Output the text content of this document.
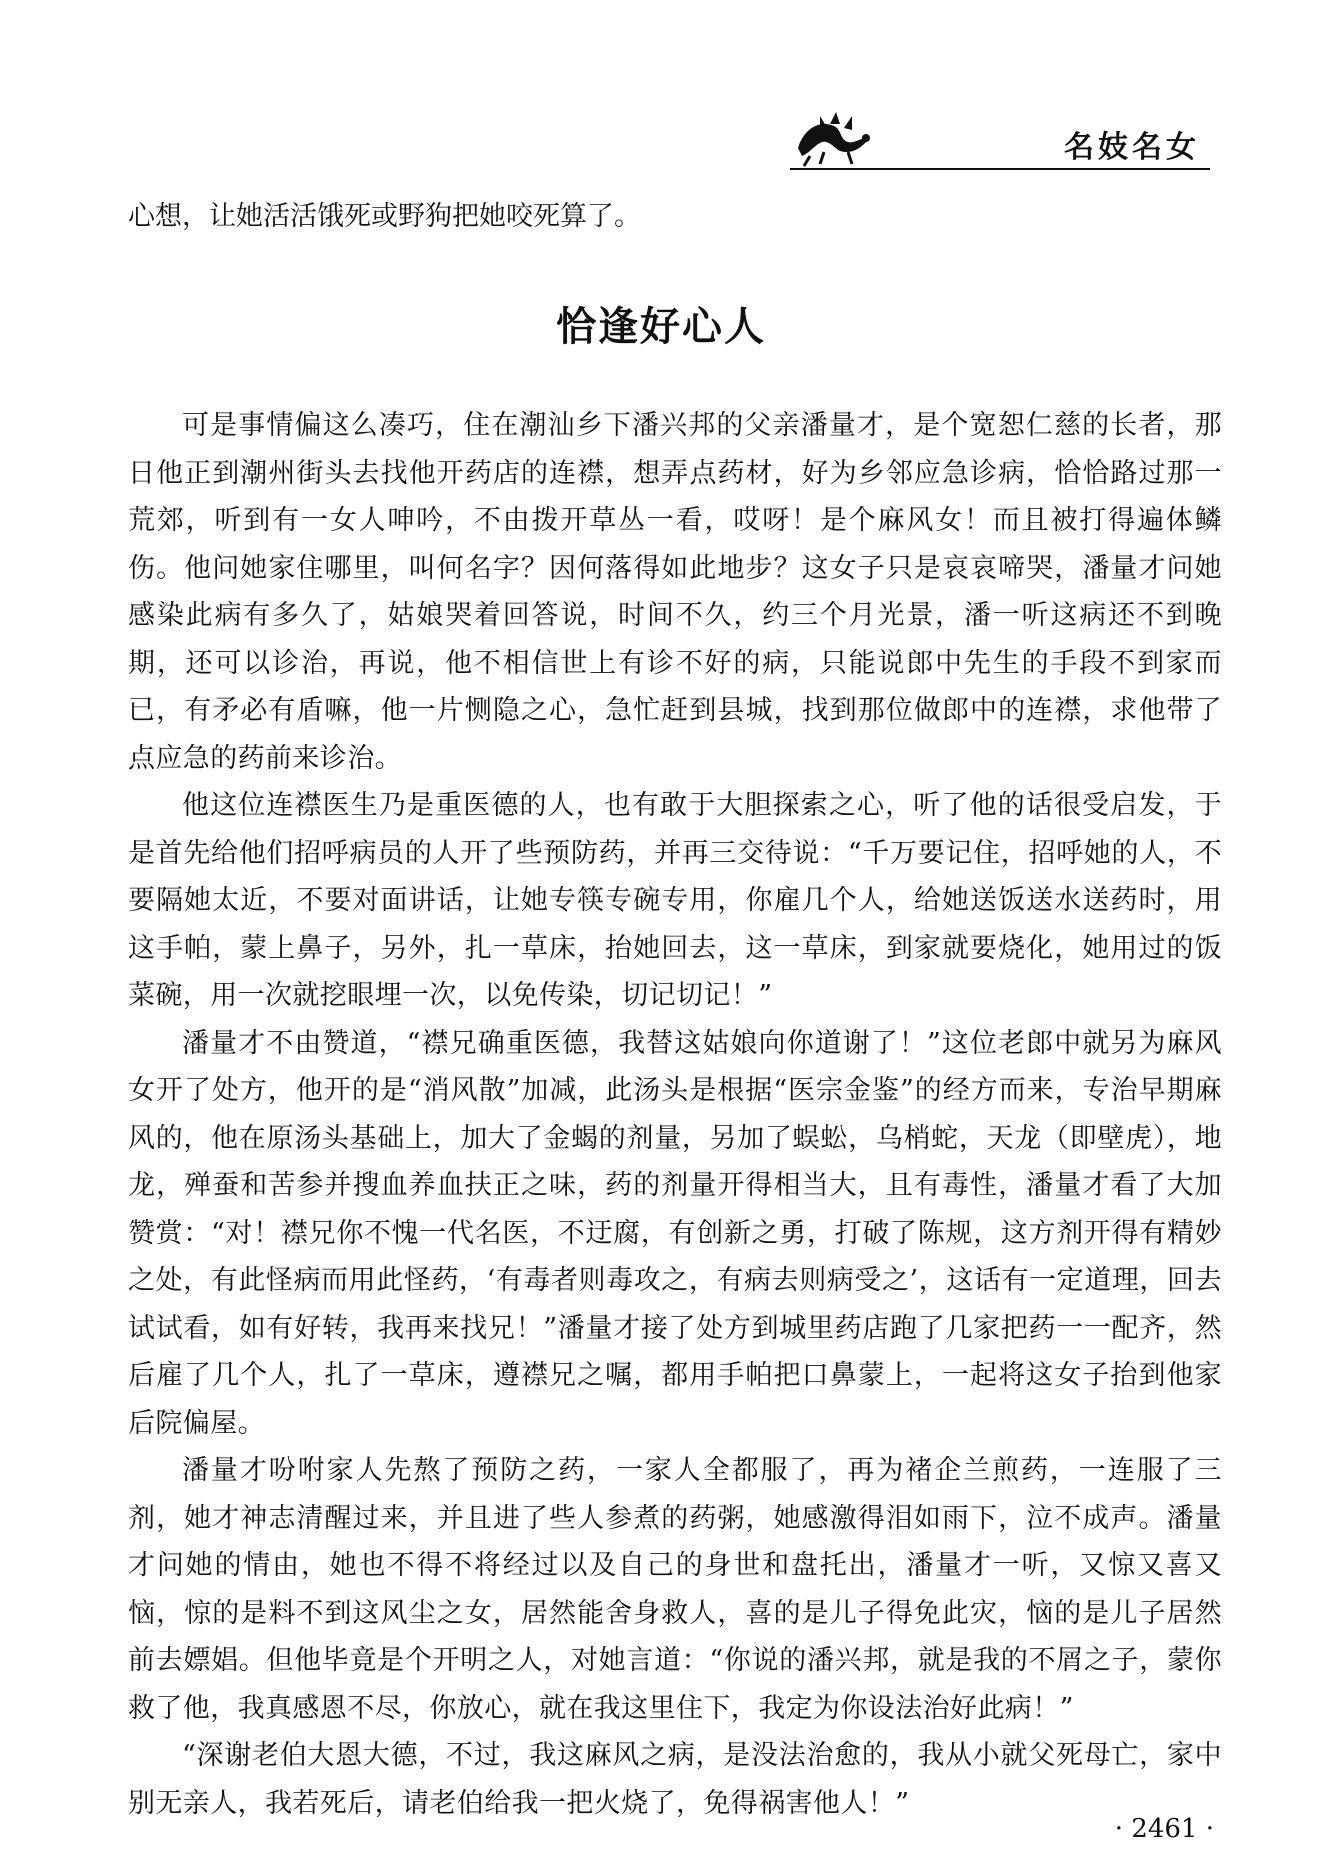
名妓名女

心想，让她活活饿死或野狗把她咬死算了。

恰逢好心人

可是事情偏这么凑巧，住在潮汕乡下潘兴邦的父亲潘量才，是个宽恕仁慈的长者，那日他正到潮州街头去找他开药店的连襟，想弄点药材，好为乡邻应急诊病，恰恰路过那一荒郊，听到有一女人呻吟，不由拨开草丛一看，哎呀！是个麻风女！而且被打得遍体鳞伤。他问她家住哪里，叫何名字？因何落得如此地步？这女子只是哀哀啼哭，潘量才问她感染此病有多久了，姑娘哭着回答说，时间不久，约三个月光景，潘一听这病还不到晚期，还可以诊治，再说，他不相信世上有诊不好的病，只能说郎中先生的手段不到家而已，有矛必有盾嘛，他一片恻隐之心，急忙赶到县城，找到那位做郎中的连襟，求他带了点应急的药前来诊治。

他这位连襟医生乃是重医德的人，也有敢于大胆探索之心，听了他的话很受启发，于是首先给他们招呼病员的人开了些预防药，并再三交待说：“千万要记住，招呼她的人，不要隔她太近，不要对面讲话，让她专筷专碗专用，你雇几个人，给她送饭送水送药时，用这手帕，蒙上鼻子，另外，扎一草床，抬她回去，这一草床，到家就要烧化，她用过的饭菜碗，用一次就挖眼埋一次，以免传染，切记切记！”

潘量才不由赞道，“襟兄确重医德，我替这姑娘向你道谢了！”这位老郎中就另为麻风女开了处方，他开的是“消风散”加减，此汤头是根据“医宗金鉴”的经方而来，专治早期麻风的，他在原汤头基础上，加大了金蝎的剂量，另加了蜈蚣，乌梢蛇，天龙（即壁虎），地龙，殚蚕和苦参并搜血养血扶正之味，药的剂量开得相当大，且有毒性，潘量才看了大加赞赏：“对！襟兄你不愧一代名医，不迂腐，有创新之勇，打破了陈规，这方剂开得有精妙之处，有此怪病而用此怪药，‘有毒者则毒攻之，有病去则病受之’，这话有一定道理，回去试试看，如有好转，我再来找兄！”潘量才接了处方到城里药店跑了几家把药一一配齐，然后雇了几个人，扎了一草床，遵襟兄之嘱，都用手帕把口鼻蒙上，一起将这女子抬到他家后院偏屋。

潘量才吩咐家人先熬了预防之药，一家人全都服了，再为褚企兰煎药，一连服了三剂，她才神志清醒过来，并且进了些人参煮的药粥，她感激得泪如雨下，泣不成声。潘量才问她的情由，她也不得不将经过以及自己的身世和盘托出，潘量才一听，又惊又喜又恼，惊的是料不到这风尘之女，居然能舍身救人，喜的是儿子得免此灾，恼的是儿子居然前去嫖娼。但他毕竟是个开明之人，对她言道：“你说的潘兴邦，就是我的不屑之子，蒙你救了他，我真感恩不尽，你放心，就在我这里住下，我定为你设法治好此病！”

“深谢老伯大恩大德，不过，我这麻风之病，是没法治愈的，我从小就父死母亡，家中别无亲人，我若死后，请老伯给我一把火烧了，免得祸害他人！”

· 2461 ·
